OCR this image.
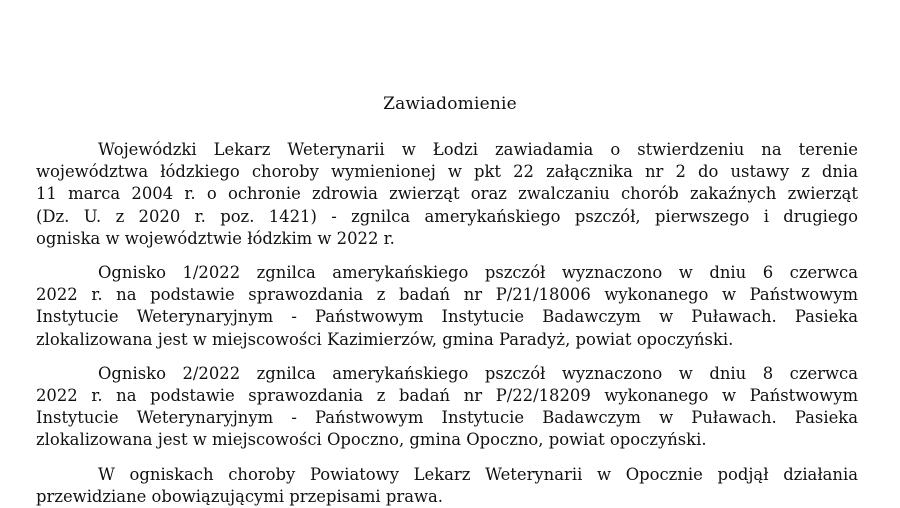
Zawiadomienie

Wojewódzki Lekarz Weterynarii w Łodzi zawiadamia o stwierdzeniu na terenie
województwa łódzkiego choroby wymienionej w pkt 22 załącznika nr 2 do ustawy z dnia
11 marca 2004 r. o ochronie zdrowia zwierząt oraz zwalczaniu chorób zakaźnych zwierząt
(Dz. U. z 2020 r. poz. 1421) - zgnilca amerykańskiego pszczół, pierwszego i drugiego
ogniska w województwie łódzkim w 2022 r.

Ognisko 1/2022 zgnilca amerykańskiego pszczół wyznaczono w dniu 6 czerwca
2022 r. na podstawie sprawozdania z badań nr P/21/18006 wykonanego w Państwowym
Instytucie Weterynaryjnym - Państwowym Instytucie Badawczym w Puławach. Pasieka
zlokalizowana jest w miejscowości Kazimierzów, gmina Paradyż, powiat opoczyński.

Ognisko 2/2022 zgnilca amerykańskiego pszczół wyznaczono w dniu 8 czerwca
2022 r. na podstawie sprawozdania z badań nr P/22/18209 wykonanego w Państwowym
Instytucie Weterynaryjnym - Państwowym Instytucie Badawczym w Puławach. Pasieka
zlokalizowana jest w miejscowości Opoczno, gmina Opoczno, powiat opoczyński.

W ogniskach choroby Powiatowy Lekarz Weterynarii w Opocznie podjął działania
przewidziane obowiązującymi przepisami prawa.
